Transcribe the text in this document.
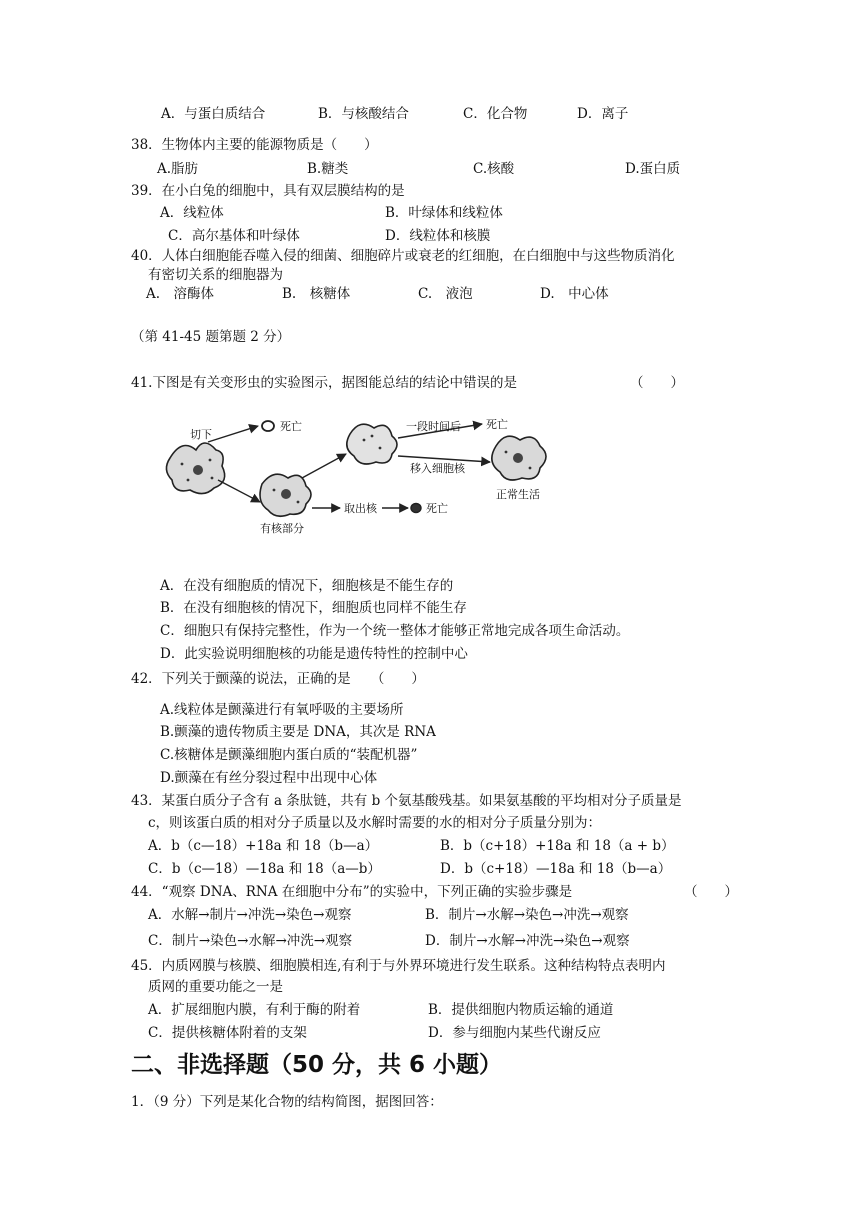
A．与蛋白质结合	B．与核酸结合	C．化合物	D．离子
38．生物体内主要的能源物质是（　　）
A.脂肪	B.糖类	C.核酸	D.蛋白质
39．在小白兔的细胞中，具有双层膜结构的是
A．线粒体	B．叶绿体和线粒体
C．高尔基体和叶绿体	D．线粒体和核膜
40．人体白细胞能吞噬入侵的细菌、细胞碎片或衰老的红细胞，在白细胞中与这些物质消化
有密切关系的细胞器为
A.　溶酶体	B.　核糖体	C.　液泡	D.　中心体
（第 41-45 题第题 2 分）
41.下图是有关变形虫的实验图示，据图能总结的结论中错误的是	（　　）
切下
死亡
有核部分
一段时间后 死亡
移入细胞核
正常生活
取出核	死亡
A．在没有细胞质的情况下，细胞核是不能生存的
B．在没有细胞核的情况下，细胞质也同样不能生存
C．细胞只有保持完整性，作为一个统一整体才能够正常地完成各项生命活动。
D．此实验说明细胞核的功能是遗传特性的控制中心
42．下列关于颤藻的说法，正确的是　　（　　）
A.线粒体是颤藻进行有氧呼吸的主要场所
B.颤藻的遗传物质主要是 DNA，其次是 RNA
C.核糖体是颤藻细胞内蛋白质的“装配机器”
D.颤藻在有丝分裂过程中出现中心体
43．某蛋白质分子含有 a 条肽链，共有 b 个氨基酸残基。如果氨基酸的平均相对分子质量是
c，则该蛋白质的相对分子质量以及水解时需要的水的相对分子质量分别为：
A．b（c—18）+18a 和 18（b—a）	B．b（c+18）+18a 和 18（a + b）
C．b（c—18）—18a 和 18（a—b）	D．b（c+18）—18a 和 18（b—a）
44．“观察 DNA、RNA 在细胞中分布”的实验中，下列正确的实验步骤是	（　　）
A．水解→制片→冲洗→染色→观察	B．制片→水解→染色→冲洗→观察
C．制片→染色→水解→冲洗→观察	D．制片→水解→冲洗→染色→观察
45．内质网膜与核膜、细胞膜相连,有利于与外界环境进行发生联系。这种结构特点表明内
质网的重要功能之一是
A．扩展细胞内膜，有利于酶的附着	B．提供细胞内物质运输的通道
C．提供核糖体附着的支架	D．参与细胞内某些代谢反应
二、非选择题（50 分，共 6 小题）
1．（9 分）下列是某化合物的结构简图，据图回答：
